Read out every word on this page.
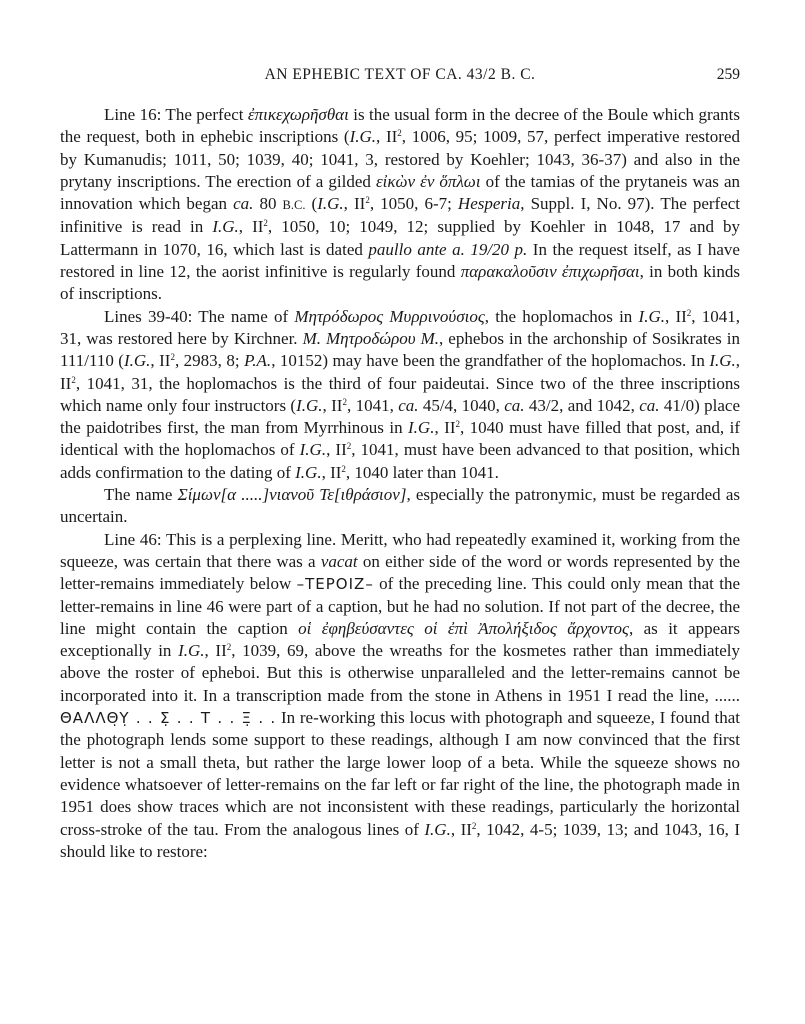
AN EPHEBIC TEXT OF CA. 43/2 B. C.	259

Line 16: The perfect ἐπικεχωρῆσθαι is the usual form in the decree of the Boule which grants the request, both in ephebic inscriptions (I.G., $II^2$, 1006, 95; 1009, 57, perfect imperative restored by Kumanudis; 1011, 50; 1039, 40; 1041, 3, restored by Koehler; 1043, 36-37) and also in the prytany inscriptions. The erection of a gilded εἰκὼν ἐν ὅπλωι of the tamias of the prytaneis was an innovation which began ca. 80 B.C. (I.G., $II^2$, 1050, 6-7; Hesperia, Suppl. I, No. 97). The perfect infinitive is read in I.G., $II^2$, 1050, 10; 1049, 12; supplied by Koehler in 1048, 17 and by Lattermann in 1070, 16, which last is dated paullo ante a. 19/20 p. In the request itself, as I have restored in line 12, the aorist infinitive is regularly found παρακαλοῦσιν ἐπιχωρῆσαι, in both kinds of inscriptions.

Lines 39-40: The name of Μητρόδωρος Μυρρινούσιος, the hoplomachos in I.G., $II^2$, 1041, 31, was restored here by Kirchner. Μ. Μητροδώρου Μ., ephebos in the archonship of Sosikrates in 111/110 (I.G., $II^2$, 2983, 8; P.A., 10152) may have been the grandfather of the hoplomachos. In I.G., $II^2$, 1041, 31, the hoplomachos is the third of four paideutai. Since two of the three inscriptions which name only four instructors (I.G., $II^2$, 1041, ca. 45/4, 1040, ca. 43/2, and 1042, ca. 41/0) place the paidotribes first, the man from Myrrhinous in I.G., $II^2$, 1040 must have filled that post, and, if identical with the hoplomachos of I.G., $II^2$, 1041, must have been advanced to that position, which adds confirmation to the dating of I.G., $II^2$, 1040 later than 1041.

The name Σίμων[α .....]νιανοῦ Τε[ιθράσιον], especially the patronymic, must be regarded as uncertain.

Line 46: This is a perplexing line. Meritt, who had repeatedly examined it, working from the squeeze, was certain that there was a vacat on either side of the word or words represented by the letter-remains immediately below –ΤΕΡΟΙΖ– of the preceding line. This could only mean that the letter-remains in line 46 were part of a caption, but he had no solution. If not part of the decree, the line might contain the caption οἱ ἐφηβεύσαντες οἱ ἐπὶ Ἀπολήξιδος ἄρχοντος, as it appears exceptionally in I.G., $II^2$, 1039, 69, above the wreaths for the kosmetes rather than immediately above the roster of epheboi. But this is otherwise unparalleled and the letter-remains cannot be incorporated into it. In a transcription made from the stone in Athens in 1951 I read the line, ...... ΘΑΛΛΘ̣Υ̣ . . Σ̣ . . Τ . . Ξ̣ . . In re-working this locus with photograph and squeeze, I found that the photograph lends some support to these readings, although I am now convinced that the first letter is not a small theta, but rather the large lower loop of a beta. While the squeeze shows no evidence whatsoever of letter-remains on the far left or far right of the line, the photograph made in 1951 does show traces which are not inconsistent with these readings, particularly the horizontal cross-stroke of the tau. From the analogous lines of I.G., $II^2$, 1042, 4-5; 1039, 13; and 1043, 16, I should like to restore:
